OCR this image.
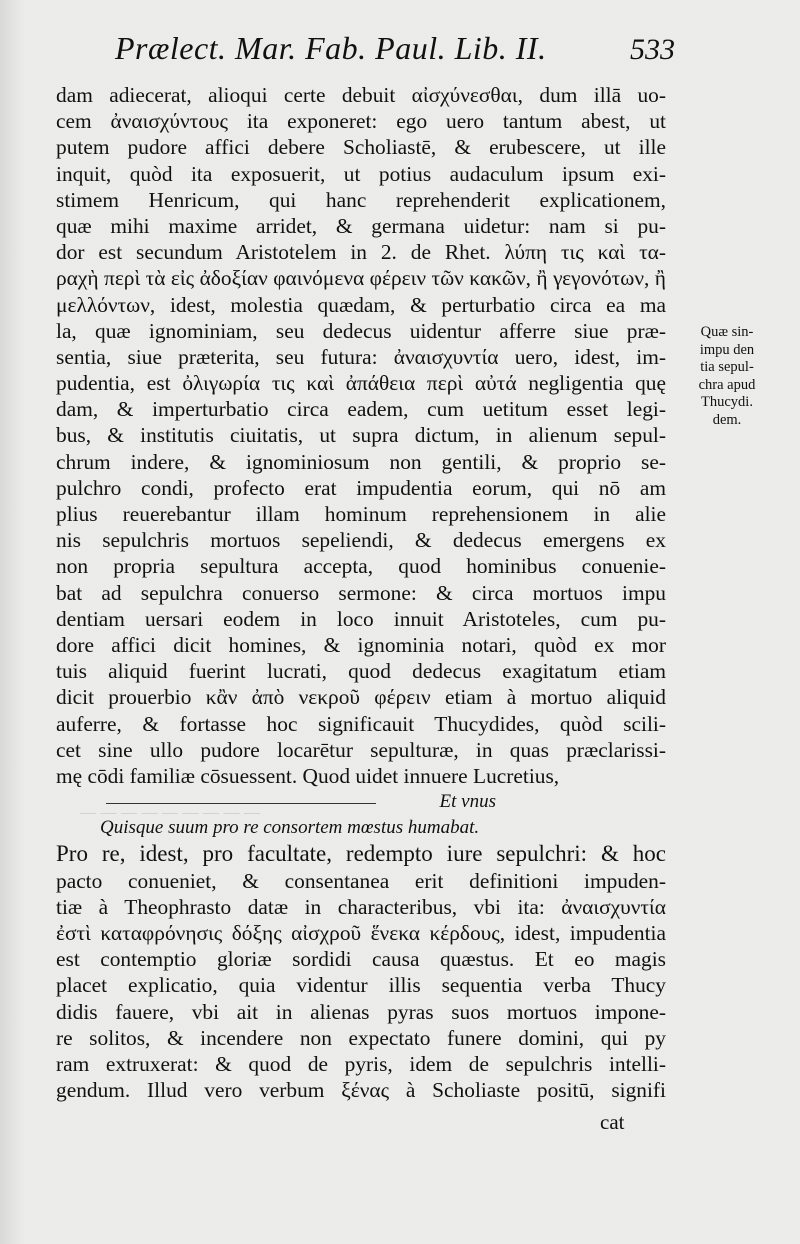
— — — — — — — — —
Prælect. Mar. Fab. Paul. Lib. II.	533
dam adiecerat, alioqui certe debuit αἰσχύνεσθαι, dum illā uo-
cem ἀναισχύντους ita exponeret: ego uero tantum abest, ut
putem pudore affici debere Scholiastē, & erubescere, ut ille
inquit, quòd ita exposuerit, ut potius audaculum ipsum exi-
stimem Henricum, qui hanc reprehenderit explicationem,
quæ mihi maxime arridet, & germana uidetur: nam si pu-
dor est secundum Aristotelem in 2. de Rhet. λύπη τις καὶ τα-
ραχὴ περὶ τὰ εἰς ἀδοξίαν φαινόμενα φέρειν τῶν κακῶν, ἢ γεγονότων, ἢ
μελλόντων, idest, molestia quædam, & perturbatio circa ea ma
la, quæ ignominiam, seu dedecus uidentur afferre siue præ-
sentia, siue præterita, seu futura: ἀναισχυντία uero, idest, im-
pudentia, est ὀλιγωρία τις καὶ ἀπάθεια περὶ αὐτά negligentia quę
dam, & imperturbatio circa eadem, cum uetitum esset legi-
bus, & institutis ciuitatis, ut supra dictum, in alienum sepul-
chrum indere, & ignominiosum non gentili, & proprio se-
pulchro condi, profecto erat impudentia eorum, qui nō am
plius reuerebantur illam hominum reprehensionem in alie
nis sepulchris mortuos sepeliendi, & dedecus emergens ex
non propria sepultura accepta, quod hominibus conuenie-
bat ad sepulchra conuerso sermone: & circa mortuos impu
dentiam uersari eodem in loco innuit Aristoteles, cum pu-
dore affici dicit homines, & ignominia notari, quòd ex mor
tuis aliquid fuerint lucrati, quod dedecus exagitatum etiam
dicit prouerbio κἂν ἀπὸ νεκροῦ φέρειν etiam à mortuo aliquid
auferre, & fortasse hoc significauit Thucydides, quòd scili-
cet sine ullo pudore locarētur sepulturæ, in quas præclarissi-
mę cōdi familiæ cōsuessent. Quod uidet innuere Lucretius,
Et vnus
Quisque suum pro re consortem mœstus humabat.
Pro re, idest, pro facultate, redempto iure sepulchri: & hoc
pacto conueniet, & consentanea erit definitioni impuden-
tiæ à Theophrasto datæ in characteribus, vbi ita: ἀναισχυντία
ἐστὶ καταφρόνησις δόξης αἰσχροῦ ἕνεκα κέρδους, idest, impudentia
est contemptio gloriæ sordidi causa quæstus. Et eo magis
placet explicatio, quia videntur illis sequentia verba Thucy
didis fauere, vbi ait in alienas pyras suos mortuos impone-
re solitos, & incendere non expectato funere domini, qui py
ram extruxerat: & quod de pyris, idem de sepulchris intelli-
gendum. Illud vero verbum ξένας à Scholiaste positū, signifi
cat
Quæ sin-
impu den
tia sepul-
chra apud
Thucydi.
dem.
